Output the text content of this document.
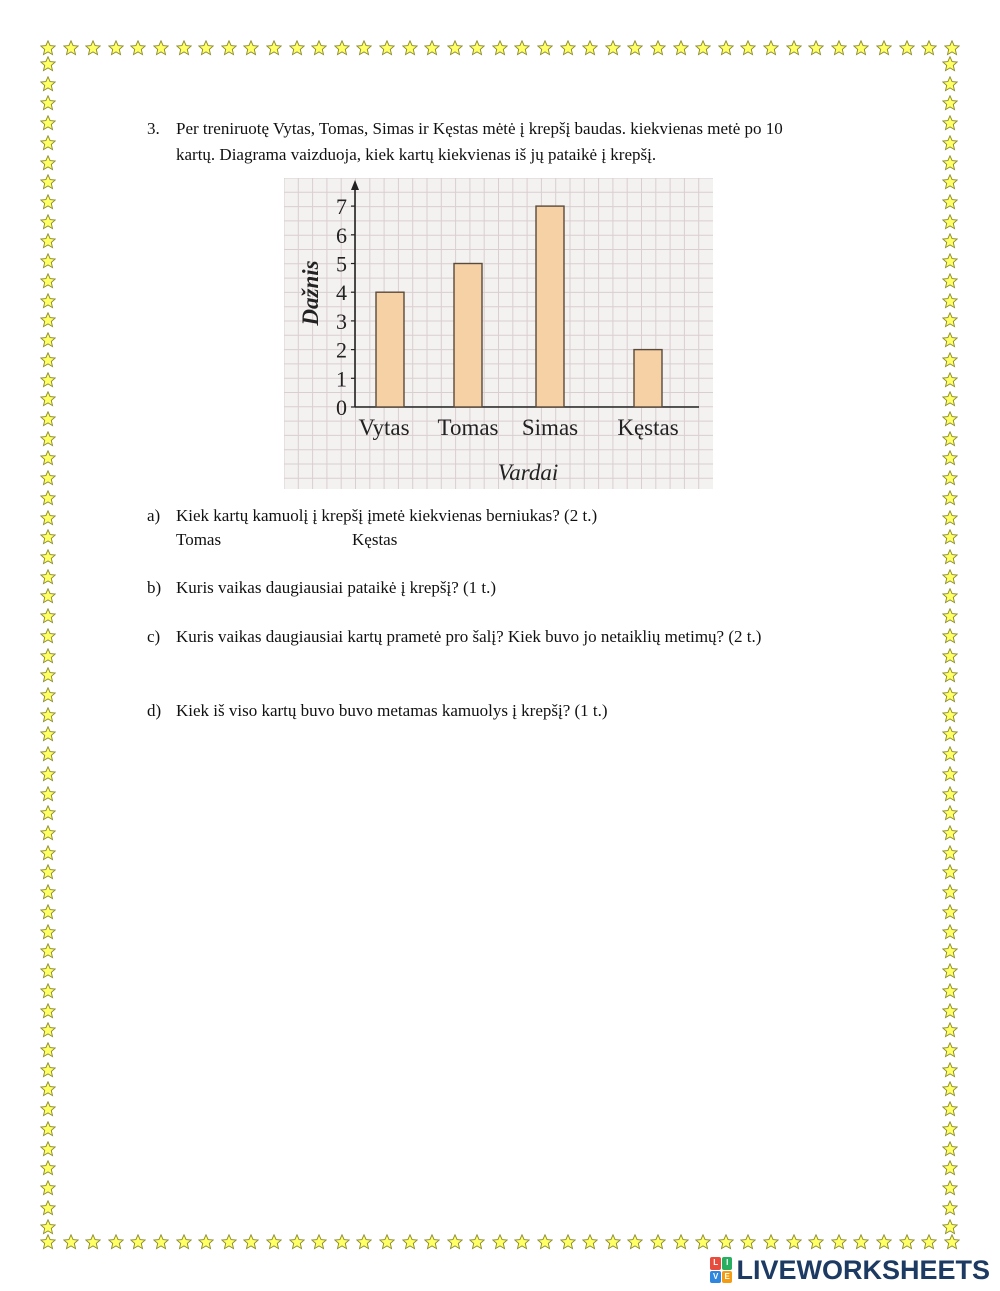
3. Per treniruotę Vytas, Tomas, Simas ir Kęstas mėtė į krepšį baudas. kiekvienas metė po 10
kartų. Diagrama vaizduoja, kiek kartų kiekvienas iš jų pataikė į krepšį.
0
1
2
3
4
5
6
7
Vytas Tomas Simas Kęstas
Vardai
Dažnis
a) Kiek kartų kamuolį į krepšį įmetė kiekvienas berniukas? (2 t.)
Tomas	Kęstas
b) Kuris vaikas daugiausiai pataikė į krepšį? (1 t.)
c) Kuris vaikas daugiausiai kartų prametė pro šalį? Kiek buvo jo netaiklių metimų? (2 t.)
d) Kiek iš viso kartų buvo buvo metamas kamuolys į krepšį? (1 t.)
L I
V E LIVEWORKSHEETS
